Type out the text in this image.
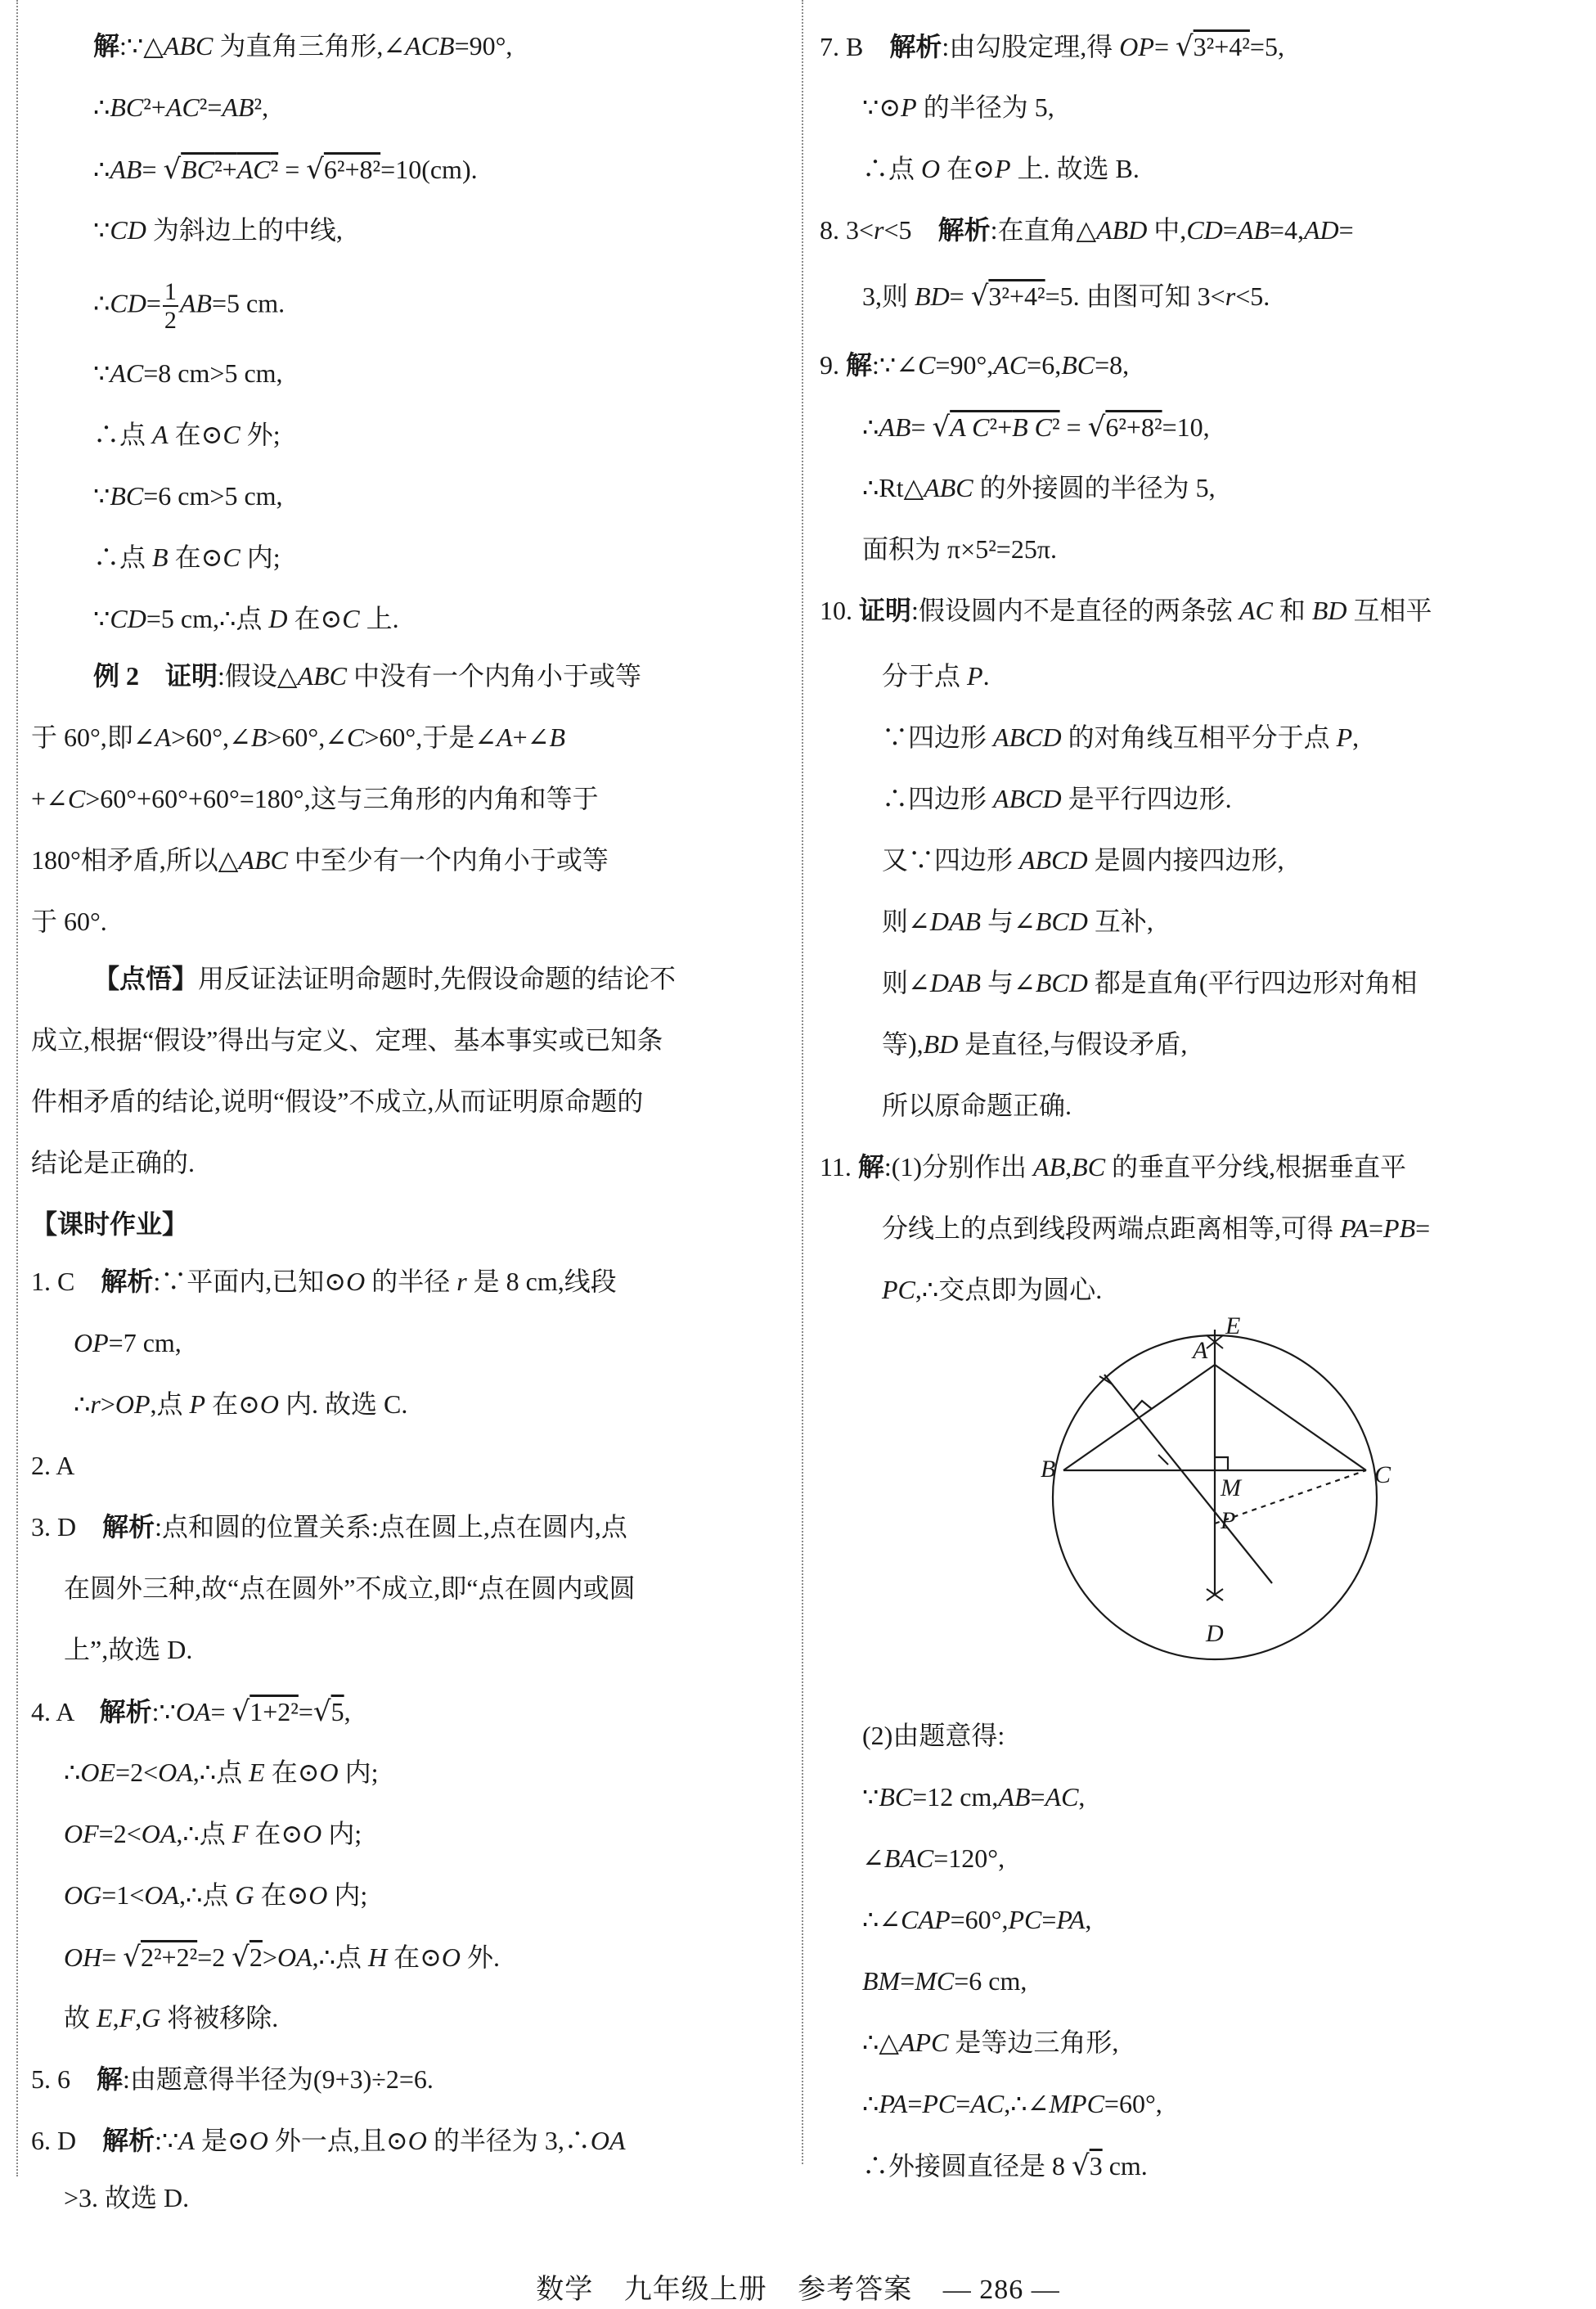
解:∵△ABC 为直角三角形,∠ACB=90°,
∴BC²+AC²=AB²,
∴AB= √BC²+AC² = √6²+8²=10(cm).
∵CD 为斜边上的中线,
∴CD= $\frac{1}{2} AB=5$ cm.
∵AC=8 cm>5 cm,
∴点 A 在⊙C 外;
∵BC=6 cm>5 cm,
∴点 B 在⊙C 内;
∵CD=5 cm,∴点 D 在⊙C 上.
例 2　证明:假设△ABC 中没有一个内角小于或等
于 60°,即∠A>60°,∠B>60°,∠C>60°,于是∠A+∠B
+∠C>60°+60°+60°=180°,这与三角形的内角和等于
180°相矛盾,所以△ABC 中至少有一个内角小于或等
于 60°.
【点悟】用反证法证明命题时,先假设命题的结论不
成立,根据“假设”得出与定义、定理、基本事实或已知条
件相矛盾的结论,说明“假设”不成立,从而证明原命题的
结论是正确的.
【课时作业】
1. C　解析:∵平面内,已知⊙O 的半径 r 是 8 cm,线段
OP=7 cm,
∴r>OP,点 P 在⊙O 内. 故选 C.
2. A
3. D　解析:点和圆的位置关系:点在圆上,点在圆内,点
在圆外三种,故“点在圆外”不成立,即“点在圆内或圆
上”,故选 D.
4. A　解析:∵OA= √1+2²=√5,
∴OE=2<OA,∴点 E 在⊙O 内;
OF=2<OA,∴点 F 在⊙O 内;
OG=1<OA,∴点 G 在⊙O 内;
OH= √2²+2²=2 √2>OA,∴点 H 在⊙O 外.
故 E,F,G 将被移除.
5. 6　解:由题意得半径为(9+3)÷2=6.
6. D　解析:∵A 是⊙O 外一点,且⊙O 的半径为 3,∴OA
>3. 故选 D.
7. B　解析:由勾股定理,得 OP= √3²+4²=5,
∵⊙P 的半径为 5,
∴点 O 在⊙P 上. 故选 B.
8. 3<r<5　解析:在直角△ABD 中,CD=AB=4,AD=
3,则 BD= √3²+4²=5. 由图可知 3<r<5.
9. 解:∵∠C=90°,AC=6,BC=8,
∴AB= √A C²+B C² = √6²+8²=10,
∴Rt△ABC 的外接圆的半径为 5,
面积为 π×5²=25π.
10. 证明:假设圆内不是直径的两条弦 AC 和 BD 互相平
分于点 P.
∵四边形 ABCD 的对角线互相平分于点 P,
∴四边形 ABCD 是平行四边形.
又∵四边形 ABCD 是圆内接四边形,
则∠DAB 与∠BCD 互补,
则∠DAB 与∠BCD 都是直角(平行四边形对角相
等),BD 是直径,与假设矛盾,
所以原命题正确.
11. 解:(1)分别作出 AB,BC 的垂直平分线,根据垂直平
分线上的点到线段两端点距离相等,可得 PA=PB=
PC,∴交点即为圆心.
(2)由题意得:
∵BC=12 cm,AB=AC,
∠BAC=120°,
∴∠CAP=60°,PC=PA,
BM=MC=6 cm,
∴△APC 是等边三角形,
∴PA=PC=AC,∴∠MPC=60°,
∴外接圆直径是 8 √3 cm.
A
E
B	C
M
P
D
数学 九年级上册 参考答案 — 286 —
